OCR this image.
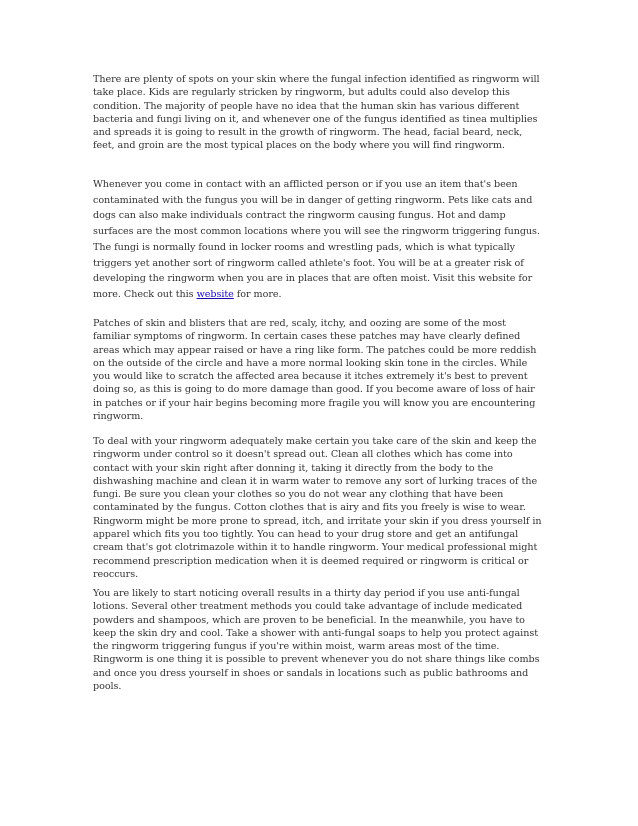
There are plenty of spots on your skin where the fungal infection identified as ringworm will take place. Kids are regularly stricken by ringworm, but adults could also develop this condition. The majority of people have no idea that the human skin has various different bacteria and fungi living on it, and whenever one of the fungus identified as tinea multiplies and spreads it is going to result in the growth of ringworm. The head, facial beard, neck, feet, and groin are the most typical places on the body where you will find ringworm.

Whenever you come in contact with an afflicted person or if you use an item that's been contaminated with the fungus you will be in danger of getting ringworm. Pets like cats and dogs can also make individuals contract the ringworm causing fungus. Hot and damp surfaces are the most common locations where you will see the ringworm triggering fungus. The fungi is normally found in locker rooms and wrestling pads, which is what typically triggers yet another sort of ringworm called athlete's foot. You will be at a greater risk of developing the ringworm when you are in places that are often moist. Visit this website for more. Check out this website for more.

Patches of skin and blisters that are red, scaly, itchy, and oozing are some of the most familiar symptoms of ringworm. In certain cases these patches may have clearly defined areas which may appear raised or have a ring like form. The patches could be more reddish on the outside of the circle and have a more normal looking skin tone in the circles. While you would like to scratch the affected area because it itches extremely it's best to prevent doing so, as this is going to do more damage than good. If you become aware of loss of hair in patches or if your hair begins becoming more fragile you will know you are encountering ringworm.

To deal with your ringworm adequately make certain you take care of the skin and keep the ringworm under control so it doesn't spread out. Clean all clothes which has come into contact with your skin right after donning it, taking it directly from the body to the dishwashing machine and clean it in warm water to remove any sort of lurking traces of the fungi. Be sure you clean your clothes so you do not wear any clothing that have been contaminated by the fungus. Cotton clothes that is airy and fits you freely is wise to wear. Ringworm might be more prone to spread, itch, and irritate your skin if you dress yourself in apparel which fits you too tightly. You can head to your drug store and get an antifungal cream that's got clotrimazole within it to handle ringworm. Your medical professional might recommend prescription medication when it is deemed required or ringworm is critical or reoccurs.

You are likely to start noticing overall results in a thirty day period if you use anti-fungal lotions. Several other treatment methods you could take advantage of include medicated powders and shampoos, which are proven to be beneficial. In the meanwhile, you have to keep the skin dry and cool. Take a shower with anti-fungal soaps to help you protect against the ringworm triggering fungus if you're within moist, warm areas most of the time. Ringworm is one thing it is possible to prevent whenever you do not share things like combs and once you dress yourself in shoes or sandals in locations such as public bathrooms and pools.
